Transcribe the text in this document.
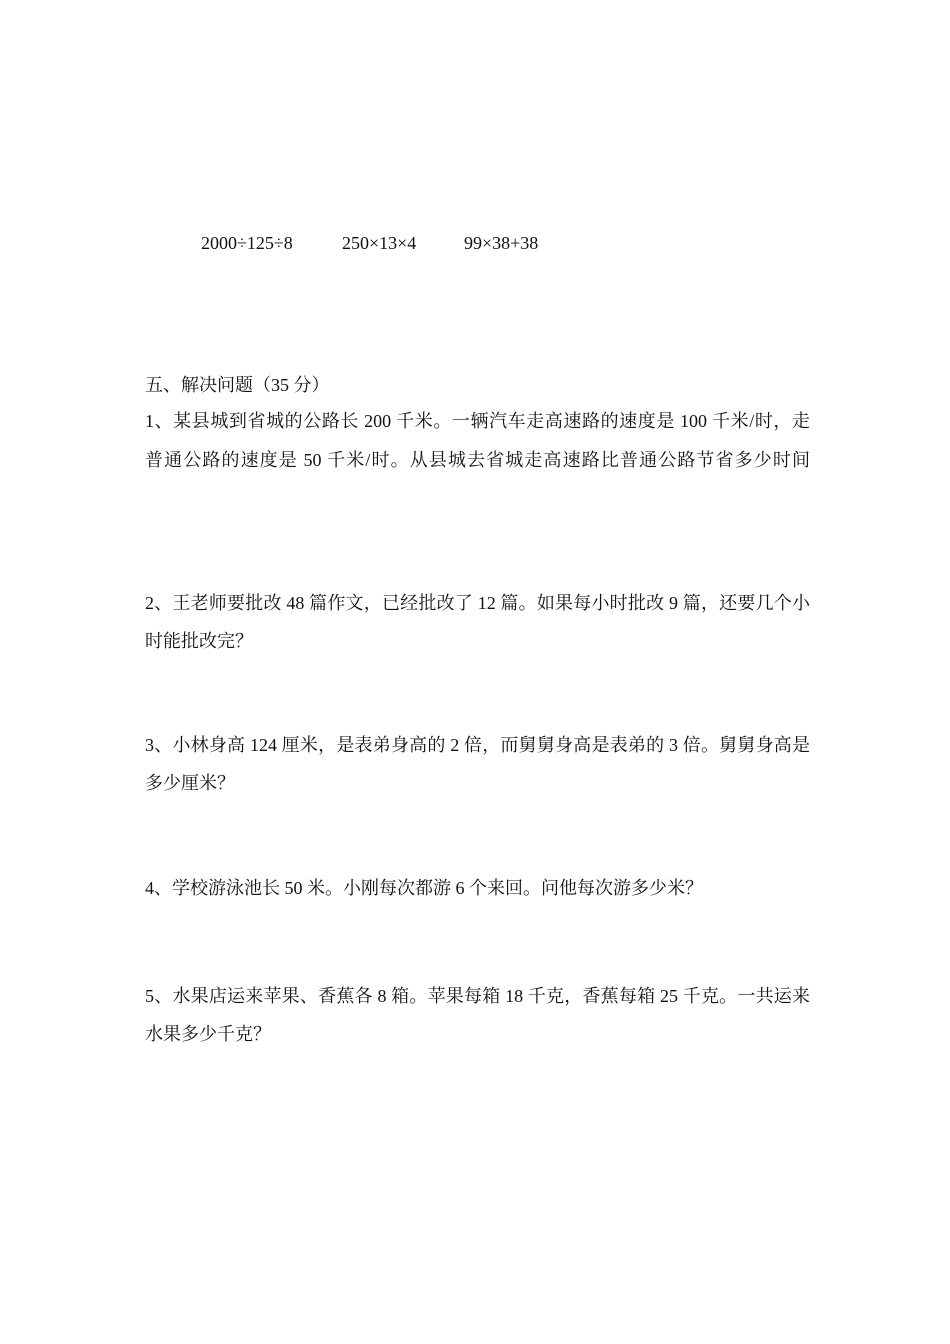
2000÷125÷8	250×13×4	99×38+38
五、解决问题（35 分）
1、某县城到省城的公路长 200 千米。一辆汽车走高速路的速度是 100 千米/时，走
普通公路的速度是 50 千米/时。从县城去省城走高速路比普通公路节省多少时间
2、王老师要批改 48 篇作文，已经批改了 12 篇。如果每小时批改 9 篇，还要几个小
时能批改完？
3、小林身高 124 厘米，是表弟身高的 2 倍，而舅舅身高是表弟的 3 倍。舅舅身高是
多少厘米？
4、学校游泳池长 50 米。小刚每次都游 6 个来回。问他每次游多少米？
5、水果店运来苹果、香蕉各 8 箱。苹果每箱 18 千克，香蕉每箱 25 千克。一共运来
水果多少千克？
